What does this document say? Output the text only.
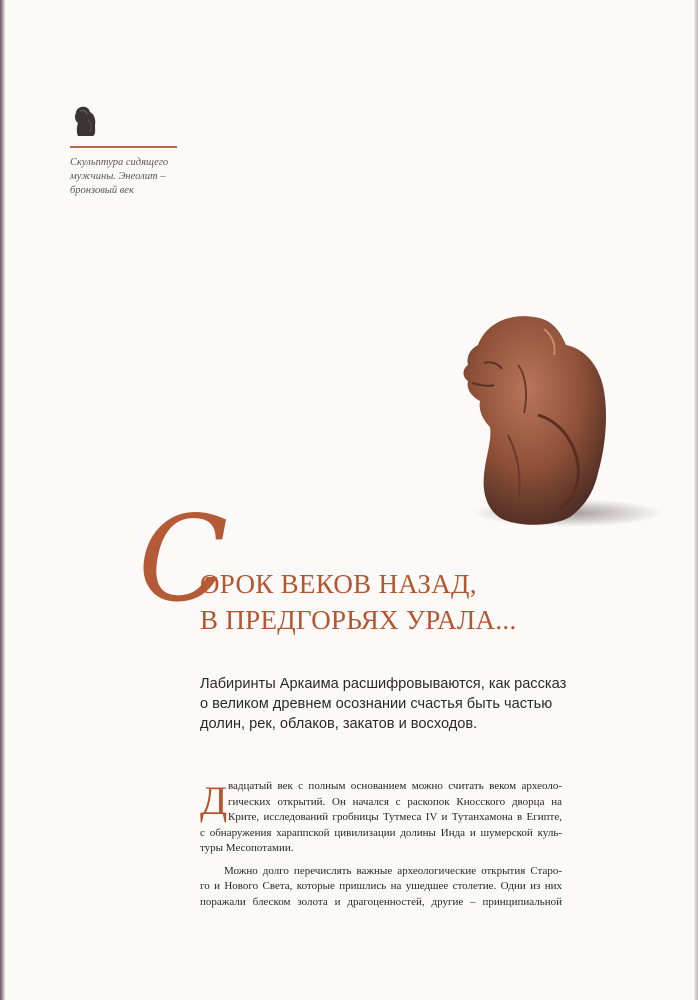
Скульптура сидящего
мужчины. Энеолит –
бронзовый век
С
ОРОК ВЕКОВ НАЗАД,
В ПРЕДГОРЬЯХ УРАЛА...
Лабиринты Аркаима расшифровываются, как рассказ
о великом древнем осознании счастья быть частью
долин, рек, облаков, закатов и восходов.
Д вадцатый век с полным основанием можно считать веком археоло-
гических открытий. Он начался с раскопок Кносского дворца на
Крите, исследований гробницы Тутмеса IV и Тутанхамона в Египте,
с обнаружения хараппской цивилизации долины Инда и шумерской куль-
туры Месопотамии.
Можно долго перечислять важные археологические открытия Старо-
го и Нового Света, которые пришлись на ушедшее столетие. Одни из них
поражали блеском золота и драгоценностей, другие – принципиальной
